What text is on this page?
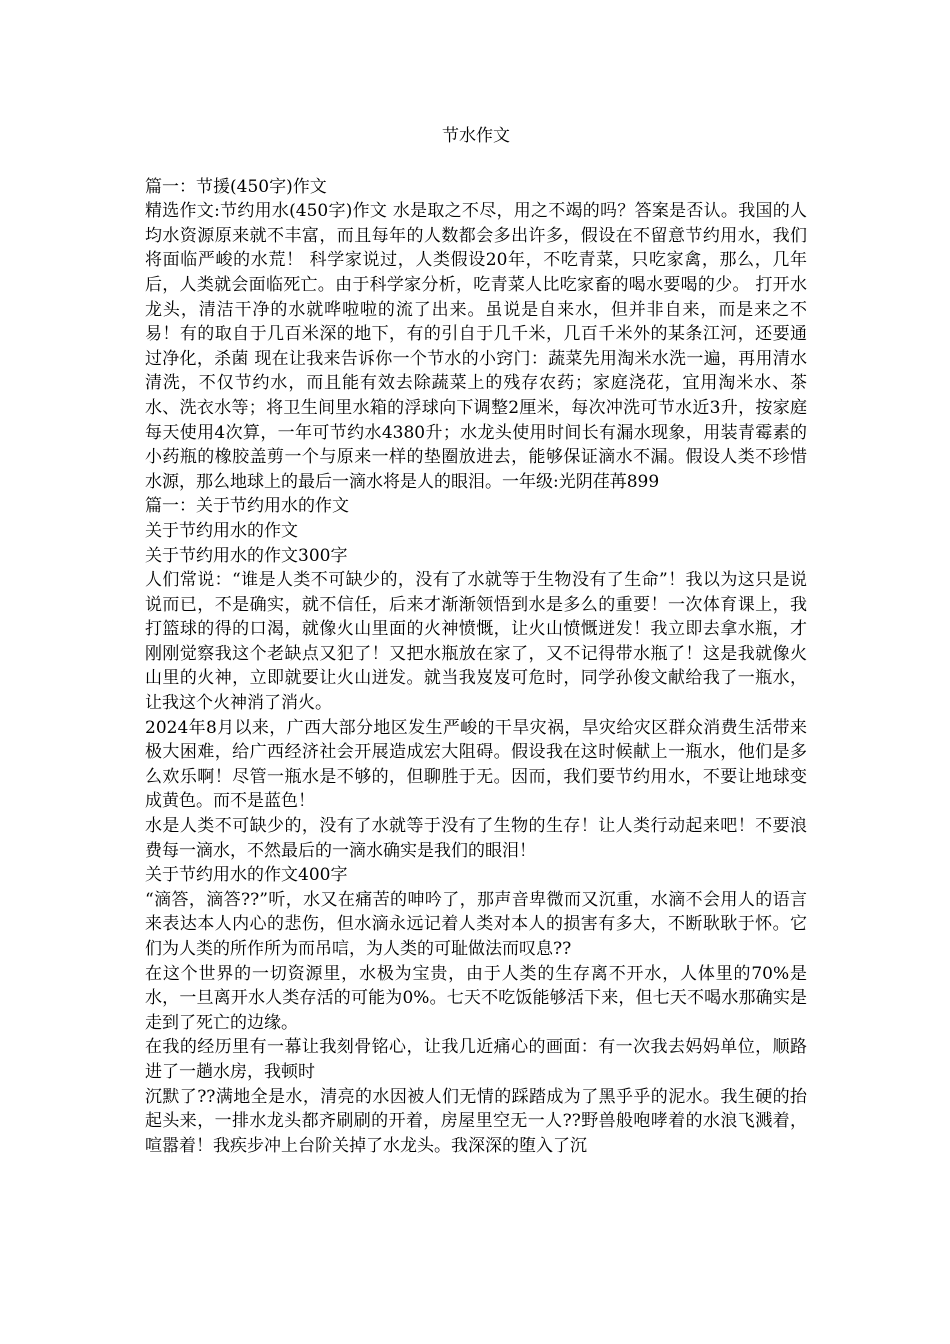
节水作文

篇一：节援(450字)作文

精选作文:节约用水(450字)作文 水是取之不尽，用之不竭的吗？答案是否认。我国的人均水资源原来就不丰富，而且每年的人数都会多出许多，假设在不留意节约用水，我们将面临严峻的水荒！ 科学家说过，人类假设20年，不吃青菜，只吃家禽，那么，几年后，人类就会面临死亡。由于科学家分析，吃青菜人比吃家畜的喝水要喝的少。 打开水龙头，清洁干净的水就哗啦啦的流了出来。虽说是自来水，但并非自来，而是来之不易！有的取自于几百米深的地下，有的引自于几千米，几百千米外的某条江河，还要通过净化，杀菌 现在让我来告诉你一个节水的小窍门：蔬菜先用淘米水洗一遍，再用清水清洗，不仅节约水，而且能有效去除蔬菜上的残存农药；家庭浇花，宜用淘米水、茶水、洗衣水等；将卫生间里水箱的浮球向下调整2厘米，每次冲洗可节水近3升，按家庭每天使用4次算，一年可节约水4380升；水龙头使用时间长有漏水现象，用装青霉素的小药瓶的橡胶盖剪一个与原来一样的垫圈放进去，能够保证滴水不漏。假设人类不珍惜水源，那么地球上的最后一滴水将是人的眼泪。一年级:光阴荏苒899

篇一：关于节约用水的作文

关于节约用水的作文

关于节约用水的作文300字

人们常说：“谁是人类不可缺少的，没有了水就等于生物没有了生命”！我以为这只是说说而已，不是确实，就不信任，后来才渐渐领悟到水是多么的重要！一次体育课上，我打篮球的得的口渴，就像火山里面的火神愤慨，让火山愤慨迸发！我立即去拿水瓶，才刚刚觉察我这个老缺点又犯了！又把水瓶放在家了，又不记得带水瓶了！这是我就像火山里的火神，立即就要让火山迸发。就当我岌岌可危时，同学孙俊文献给我了一瓶水，让我这个火神消了消火。

2024年8月以来，广西大部分地区发生严峻的干旱灾祸，旱灾给灾区群众消费生活带来极大困难，给广西经济社会开展造成宏大阻碍。假设我在这时候献上一瓶水，他们是多么欢乐啊！尽管一瓶水是不够的，但聊胜于无。因而，我们要节约用水，不要让地球变成黄色。而不是蓝色！

水是人类不可缺少的，没有了水就等于没有了生物的生存！让人类行动起来吧！不要浪费每一滴水，不然最后的一滴水确实是我们的眼泪！

关于节约用水的作文400字

“滴答，滴答??”听，水又在痛苦的呻吟了，那声音卑微而又沉重，水滴不会用人的语言来表达本人内心的悲伤，但水滴永远记着人类对本人的损害有多大，不断耿耿于怀。它们为人类的所作所为而吊唁，为人类的可耻做法而叹息??

在这个世界的一切资源里，水极为宝贵，由于人类的生存离不开水，人体里的70%是水，一旦离开水人类存活的可能为0%。七天不吃饭能够活下来，但七天不喝水那确实是走到了死亡的边缘。

在我的经历里有一幕让我刻骨铭心，让我几近痛心的画面：有一次我去妈妈单位，顺路进了一趟水房，我顿时

沉默了??满地全是水，清亮的水因被人们无情的踩踏成为了黑乎乎的泥水。我生硬的抬起头来，一排水龙头都齐刷刷的开着，房屋里空无一人??野兽般咆哮着的水浪飞溅着，喧嚣着！我疾步冲上台阶关掉了水龙头。我深深的堕入了沉
